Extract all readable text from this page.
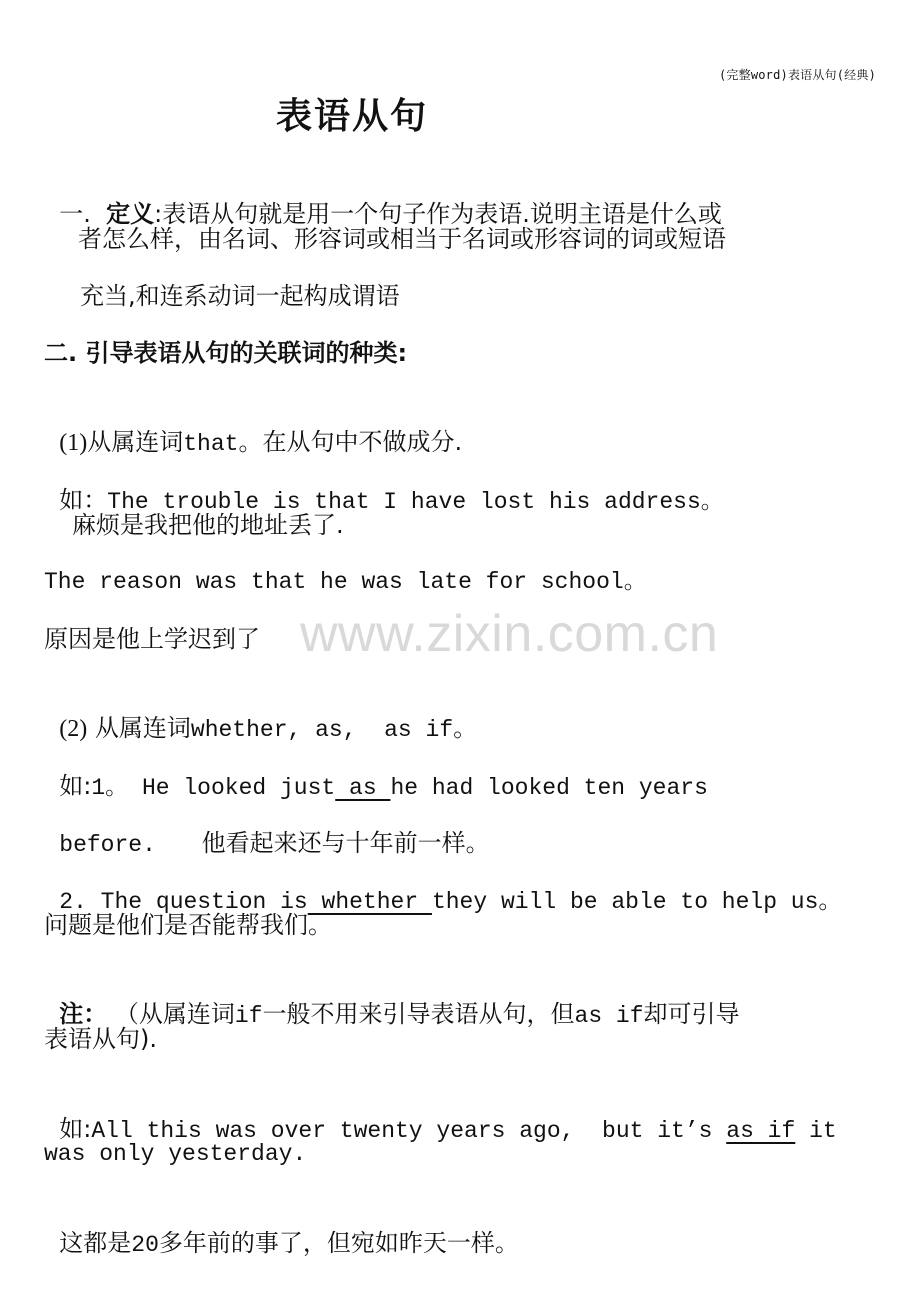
(完整word)表语从句(经典)
www.zixin.com.cn
表语从句

一. 定义:表语从句就是用一个句子作为表语.说明主语是什么或

者怎么样，由名词、形容词或相当于名词或形容词的词或短语
充当,和连系动词一起构成谓语
二. 引导表语从句的关联词的种类:

(1)从属连词that。在从句中不做成分.

如：The trouble is that I have lost his address。

麻烦是我把他的地址丢了.
The reason was that he was late for school。
原因是他上学迟到了

(2) 从属连词whether, as,  as if。

如:1。 He looked just as he had looked ten years

before. 他看起来还与十年前一样。

2. The question is whether they will be able to help us。

问题是他们是否能帮我们。

注： （从属连词if一般不用来引导表语从句，但as if却可引导

表语从句).

如:All this was over twenty years ago,  but it’s as if it

was only yesterday.

这都是20多年前的事了，但宛如昨天一样。
